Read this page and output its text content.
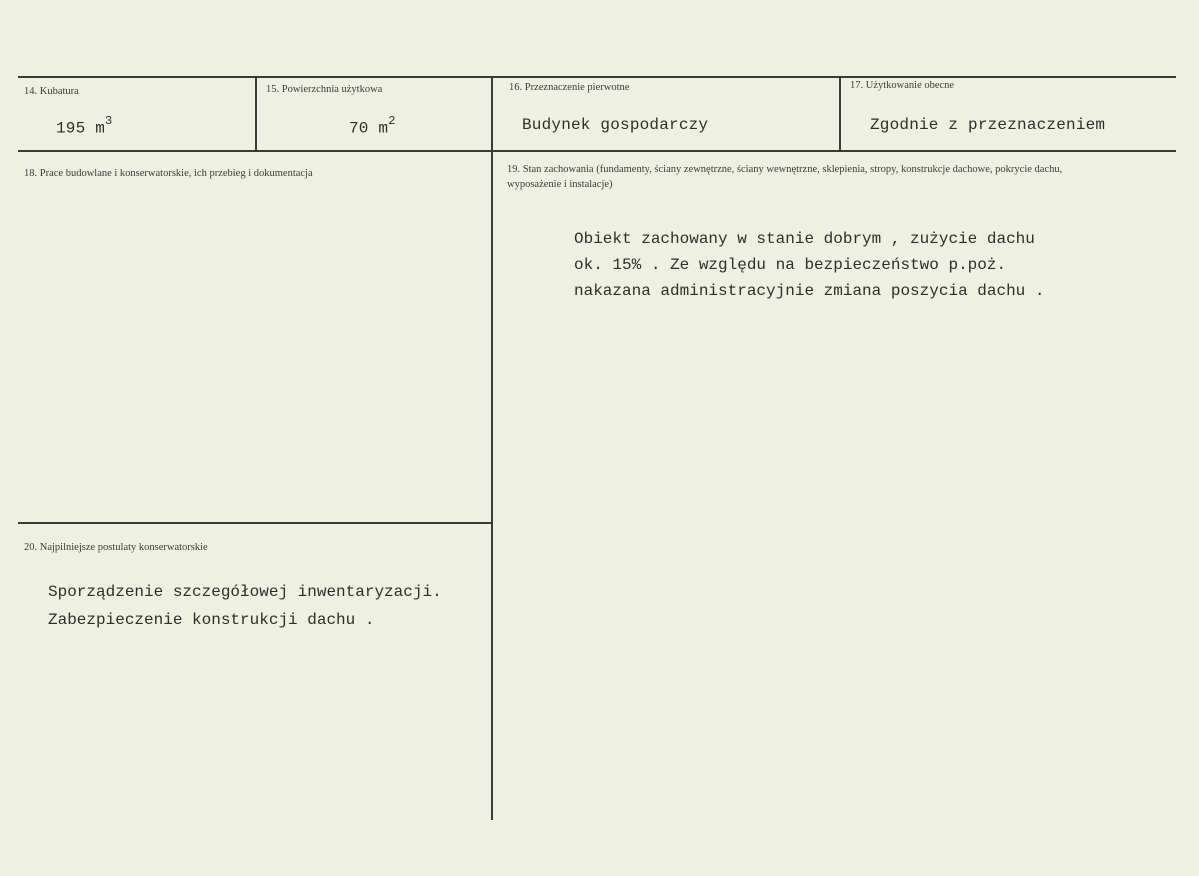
14. Kubatura
195 $m^3$
15. Powierzchnia użytkowa
70 $m^2$
16. Przeznaczenie pierwotne
Budynek gospodarczy
17. Użytkowanie obecne
Zgodnie z przeznaczeniem
18. Prace budowlane i konserwatorskie, ich przebieg i dokumentacja	19. Stan zachowania (fundamenty, ściany zewnętrzne, ściany wewnętrzne, sklepienia, stropy, konstrukcje dachowe, pokrycie dachu, wyposażenie i instalacje)
Obiekt zachowany w stanie dobrym , zużycie dachu
ok. 15% . Ze względu na bezpieczeństwo p.poż.
nakazana administracyjnie zmiana poszycia dachu .
20. Najpilniejsze postulaty konserwatorskie
Sporządzenie szczegółowej inwentaryzacji.
Zabezpieczenie konstrukcji dachu .
